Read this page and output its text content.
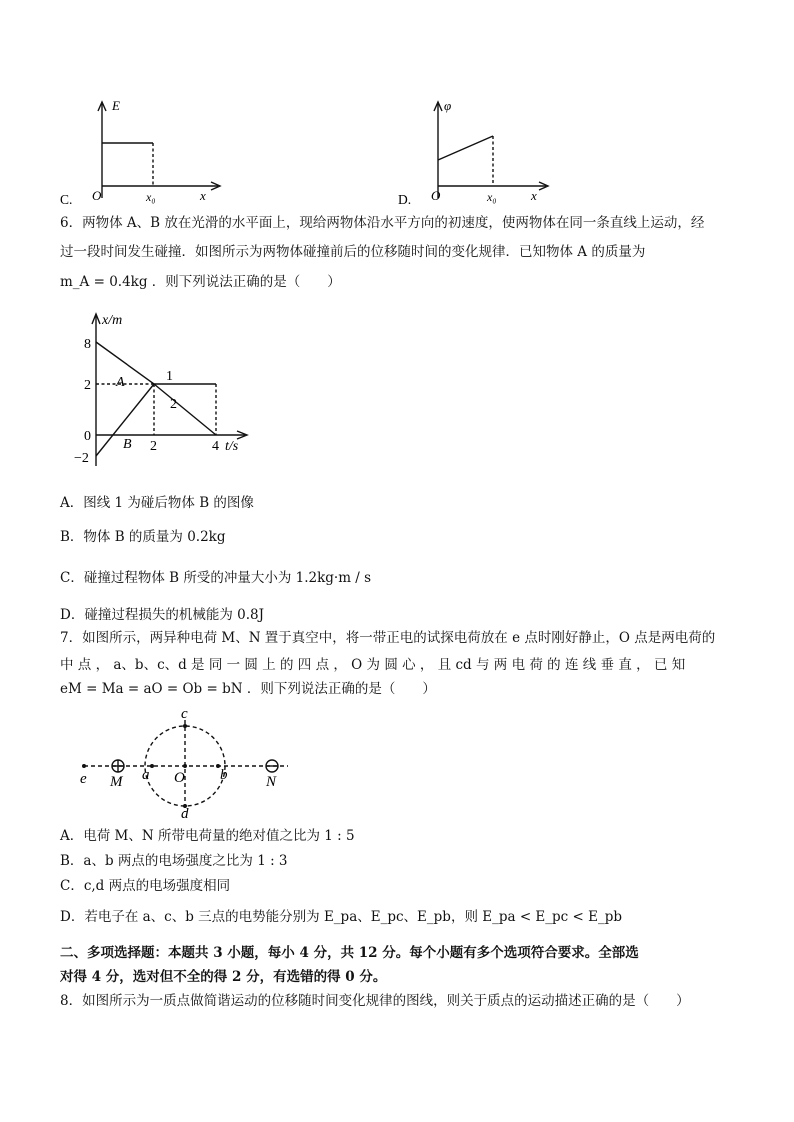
E
O	x₀	x
C.
φ
O	x₀	x
D.
6．两物体 A、B 放在光滑的水平面上，现给两物体沿水平方向的初速度，使两物体在同一条直线上运动，经
过一段时间发生碰撞．如图所示为两物体碰撞前后的位移随时间的变化规律．已知物体 A 的质量为
m_A = 0.4kg ．则下列说法正确的是（　　）
x/m
t/s
8
2
0
−2
2	4
A
B
1
2
A．图线 1 为碰后物体 B 的图像
B．物体 B 的质量为 0.2kg
C．碰撞过程物体 B 所受的冲量大小为 1.2kg·m / s
D．碰撞过程损失的机械能为 0.8J
7．如图所示，两异种电荷 M、N 置于真空中，将一带正电的试探电荷放在 e 点时刚好静止，O 点是两电荷的
中 点 ， a、b、c、d 是 同 一 圆 上 的 四 点 ， O 为 圆 心 ， 且 cd 与 两 电 荷 的 连 线 垂 直 ， 已 知
eM = Ma = aO = Ob = bN ．则下列说法正确的是（　　）
c
e M a O b	N
d
A．电荷 M、N 所带电荷量的绝对值之比为 1 : 5
B．a、b 两点的电场强度之比为 1 : 3
C．c,d 两点的电场强度相同
D．若电子在 a、c、b 三点的电势能分别为 E_pa、E_pc、E_pb，则 E_pa < E_pc < E_pb
二、多项选择题：本题共 3 小题，每小 4 分，共 12 分。每个小题有多个选项符合要求。全部选
对得 4 分，选对但不全的得 2 分，有选错的得 0 分。
8．如图所示为一质点做简谐运动的位移随时间变化规律的图线，则关于质点的运动描述正确的是（　　）
